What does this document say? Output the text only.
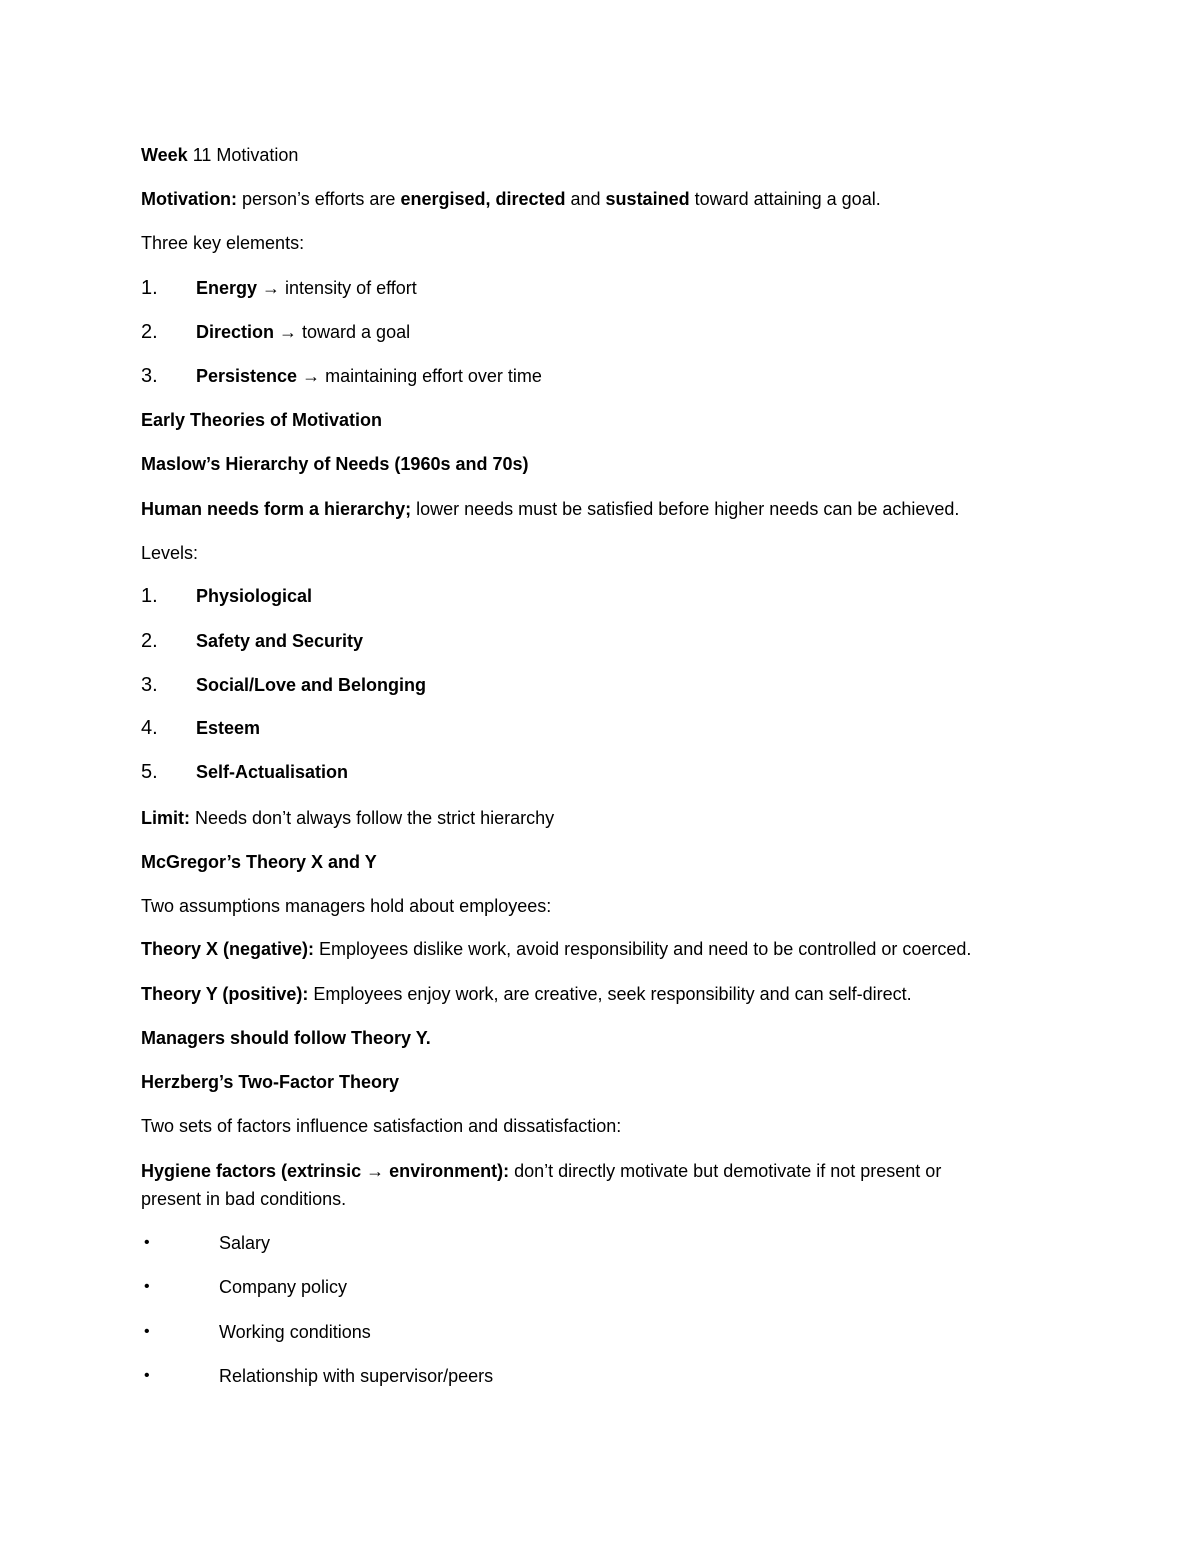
Week 11 Motivation
Motivation: person’s efforts are energised, directed and sustained toward attaining a goal.
Three key elements:
1. Energy → intensity of effort
2. Direction → toward a goal
3. Persistence → maintaining effort over time
Early Theories of Motivation
Maslow’s Hierarchy of Needs (1960s and 70s)
Human needs form a hierarchy; lower needs must be satisfied before higher needs can be achieved.
Levels:
1. Physiological
2. Safety and Security
3. Social/Love and Belonging
4. Esteem
5. Self-Actualisation
Limit: Needs don’t always follow the strict hierarchy
McGregor’s Theory X and Y
Two assumptions managers hold about employees:
Theory X (negative): Employees dislike work, avoid responsibility and need to be controlled or coerced.
Theory Y (positive): Employees enjoy work, are creative, seek responsibility and can self-direct.
Managers should follow Theory Y.
Herzberg’s Two-Factor Theory
Two sets of factors influence satisfaction and dissatisfaction:
Hygiene factors (extrinsic → environment): don’t directly motivate but demotivate if not present or
present in bad conditions.
•	Salary
•	Company policy
•	Working conditions
•	Relationship with supervisor/peers
